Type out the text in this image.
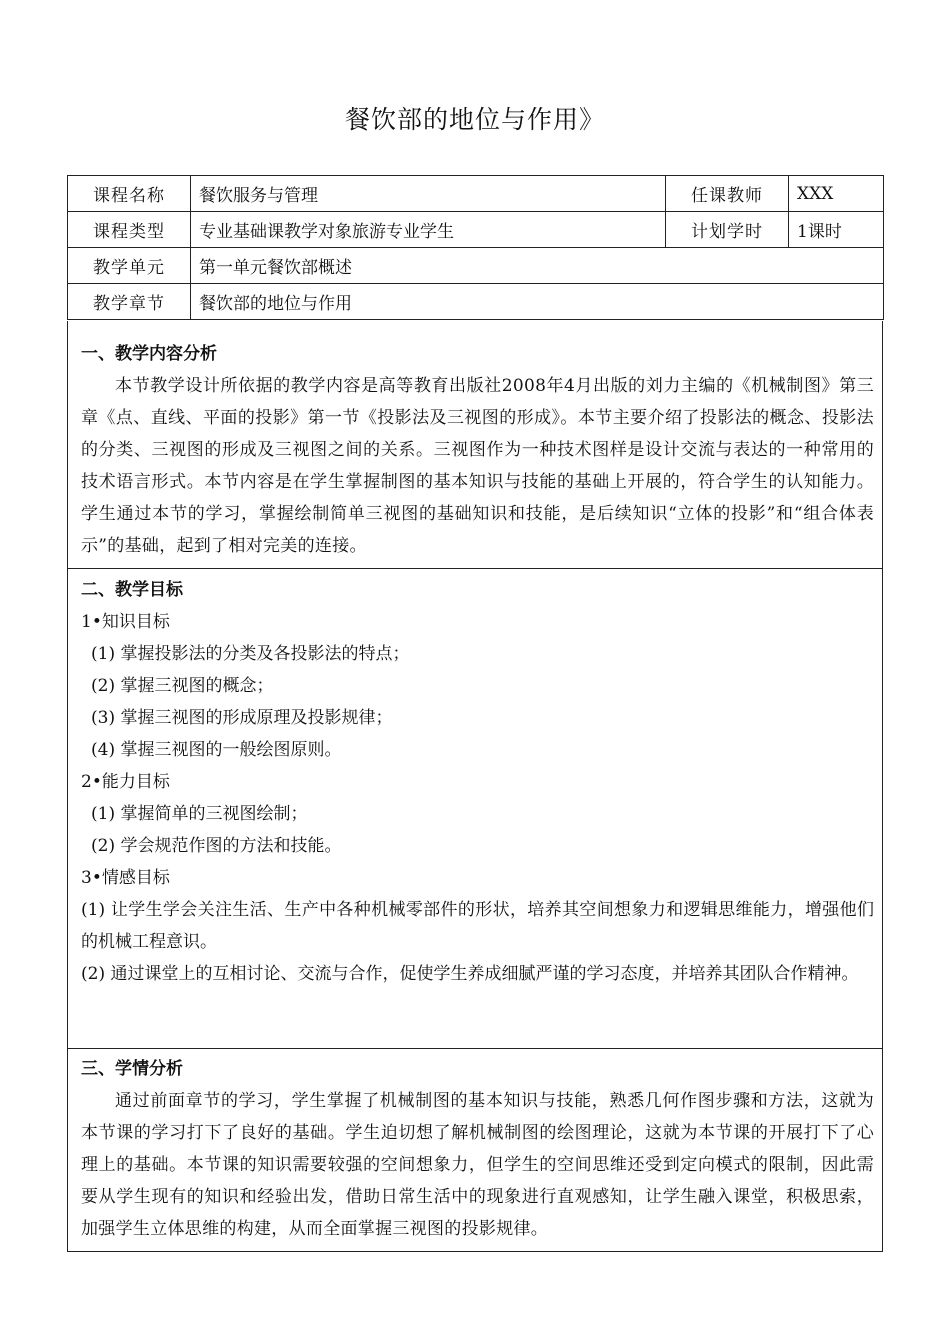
餐饮部的地位与作用》
课程名称	餐饮服务与管理	任课教师	XXX
课程类型	专业基础课教学对象旅游专业学生	计划学时	1课时
教学单元	第一单元餐饮部概述		
教学章节	餐饮部的地位与作用		
一、教学内容分析
本节教学设计所依据的教学内容是高等教育出版社2008年4月出版的刘力主编的《机械制图》第三章《点、直线、平面的投影》第一节《投影法及三视图的形成》。本节主要介绍了投影法的概念、投影法的分类、三视图的形成及三视图之间的关系。三视图作为一种技术图样是设计交流与表达的一种常用的技术语言形式。本节内容是在学生掌握制图的基本知识与技能的基础上开展的，符合学生的认知能力。学生通过本节的学习，掌握绘制简单三视图的基础知识和技能，是后续知识“立体的投影”和“组合体表示”的基础，起到了相对完美的连接。
二、教学目标
1•知识目标
(1) 掌握投影法的分类及各投影法的特点；
(2) 掌握三视图的概念；
(3) 掌握三视图的形成原理及投影规律；
(4) 掌握三视图的一般绘图原则。
2•能力目标
(1) 掌握简单的三视图绘制；
(2) 学会规范作图的方法和技能。
3•情感目标
(1) 让学生学会关注生活、生产中各种机械零部件的形状，培养其空间想象力和逻辑思维能力，增强他们的机械工程意识。
(2) 通过课堂上的互相讨论、交流与合作，促使学生养成细腻严谨的学习态度，并培养其团队合作精神。
三、学情分析
通过前面章节的学习，学生掌握了机械制图的基本知识与技能，熟悉几何作图步骤和方法，这就为本节课的学习打下了良好的基础。学生迫切想了解机械制图的绘图理论，这就为本节课的开展打下了心理上的基础。本节课的知识需要较强的空间想象力，但学生的空间思维还受到定向模式的限制，因此需要从学生现有的知识和经验出发，借助日常生活中的现象进行直观感知，让学生融入课堂，积极思索，加强学生立体思维的构建，从而全面掌握三视图的投影规律。
